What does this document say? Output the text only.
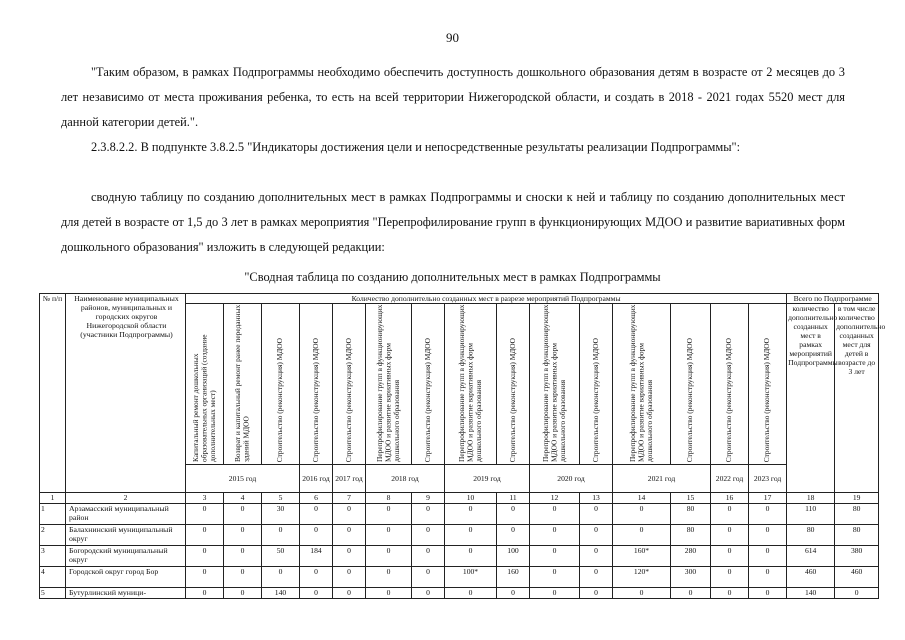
90
"Таким образом, в рамках Подпрограммы необходимо обеспечить доступность дошкольного образования детям в возрасте от 2 месяцев до 3 лет независимо от места проживания ребенка, то есть на всей территории Нижегородской области, и создать в 2018 - 2021 годах 5520 мест для данной категории детей.".
2.3.8.2.2. В подпункте 3.8.2.5 "Индикаторы достижения цели и непосредственные результаты реализации Подпрограммы":
сводную таблицу по созданию дополнительных мест в рамках Подпрограммы и сноски к ней и таблицу по созданию дополнительных мест для детей в возрасте от 1,5 до 3 лет в рамках мероприятия "Перепрофилирование групп в функционирующих МДОО и развитие вариативных форм дошкольного образования" изложить в следующей редакции:
"Сводная таблица по созданию дополнительных мест в рамках Подпрограммы
№ п/п	Наименование муниципальных районов, муниципальных и городских округов Нижегородской области (участники Подпрограммы)	Количество дополнительно созданных мест в разрезе мероприятий Подпрограммы															Всего по Подпрограмме	
		Капитальный ремонт дошкольных образовательных организаций (создание дополнительных мест)	Возврат и капитальный ремонт ранее переданных зданий МДОО	Строительство (реконструкция) МДОО	Строительство (реконструкция) МДОО	Строительство (реконструкция) МДОО	Перепрофилирование групп в функционирующих МДОО и развитие вариативных форм дошкольного образования	Строительство (реконструкция) МДОО	Перепрофилирование групп в функционирующих МДОО и развитие вариативных форм дошкольного образования	Строительство (реконструкция) МДОО	Перепрофилирование групп в функционирующих МДОО и развитие вариативных форм дошкольного образования	Строительство (реконструкция) МДОО	Перепрофилирование групп в функционирующих МДОО и развитие вариативных форм дошкольного образования	Строительство (реконструкция) МДОО	Строительство (реконструкция) МДОО	Строительство (реконструкция) МДОО	количество дополнительно созданных мест в рамках мероприятий Подпрограммы	в том числе количество дополнительно созданных мест для детей в возрасте до 3 лет
		2015 год			2016 год	2017 год	2018 год		2019 год		2020 год		2021 год		2022 год	2023 год		
1	2	3	4	5	6	7	8	9	10	11	12	13	14	15	16	17	18	19
1	Арзамасский муниципальный район	0	0	30	0	0	0	0	0	0	0	0	0	80	0	0	110	80
2	Балахнинский муниципальный округ	0	0	0	0	0	0	0	0	0	0	0	0	80	0	0	80	80
3	Богородский муниципальный округ	0	0	50	184	0	0	0	0	100	0	0	160*	280	0	0	614	380
4	Городской округ город Бор	0	0	0	0	0	0	0	100*	160	0	0	120*	300	0	0	460	460
5	Бутурлинский муници-	0	0	140	0	0	0	0	0	0	0	0	0	0	0	0	140	0
